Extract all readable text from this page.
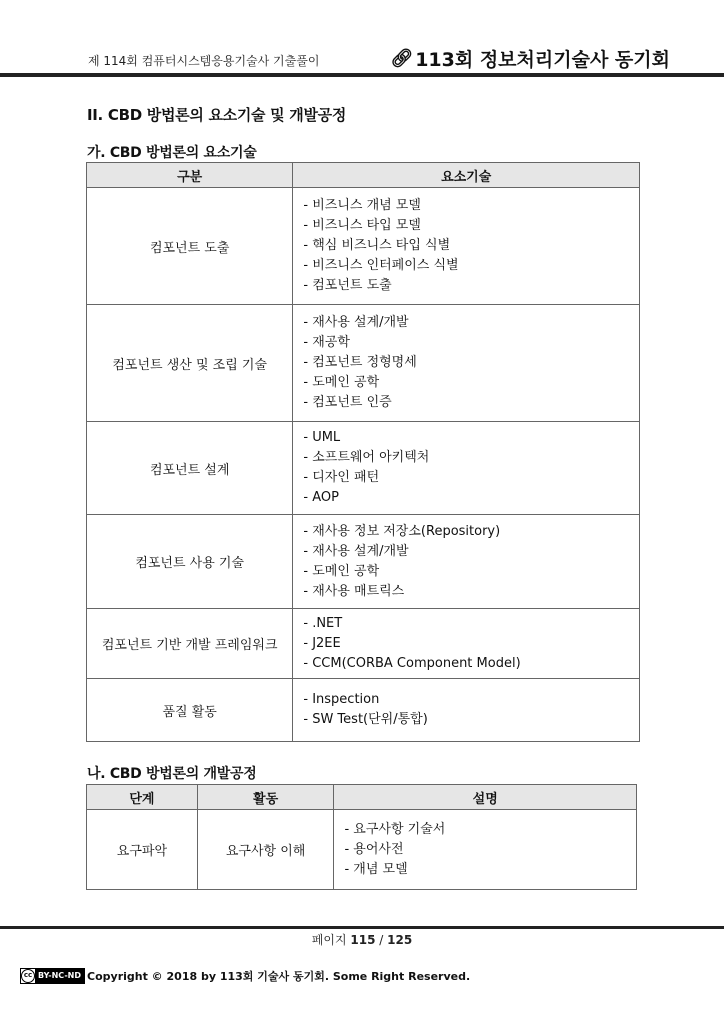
제 114회 컴퓨터시스템응용기술사 기출풀이	🔗︎ 113회 정보처리기술사 동기회
II. CBD 방법론의 요소기술 및 개발공정
가. CBD 방법론의 요소기술
구분	요소기술
컴포넌트 도출	- 비즈니스 개념 모델
- 비즈니스 타입 모델
- 핵심 비즈니스 타입 식별
- 비즈니스 인터페이스 식별
- 컴포넌트 도출

컴포넌트 생산 및 조립 기술	- 재사용 설계/개발
- 재공학
- 컴포넌트 정형명세
- 도메인 공학
- 컴포넌트 인증

컴포넌트 설계	- UML
- 소프트웨어 아키텍처
- 디자인 패턴
- AOP

컴포넌트 사용 기술	- 재사용 정보 저장소(Repository)
- 재사용 설계/개발
- 도메인 공학
- 재사용 매트릭스

컴포넌트 기반 개발 프레임워크	- .NET
- J2EE
- CCM(CORBA Component Model)

품질 활동	- Inspection
- SW Test(단위/통합)
나. CBD 방법론의 개발공정
단계	활동	설명
요구파악	요구사항 이해	- 요구사항 기술서
- 용어사전
- 개념 모델
페이지 115 / 125
cc BY-NC-ND Copyright © 2018 by 113회 기술사 동기회. Some Right Reserved.
